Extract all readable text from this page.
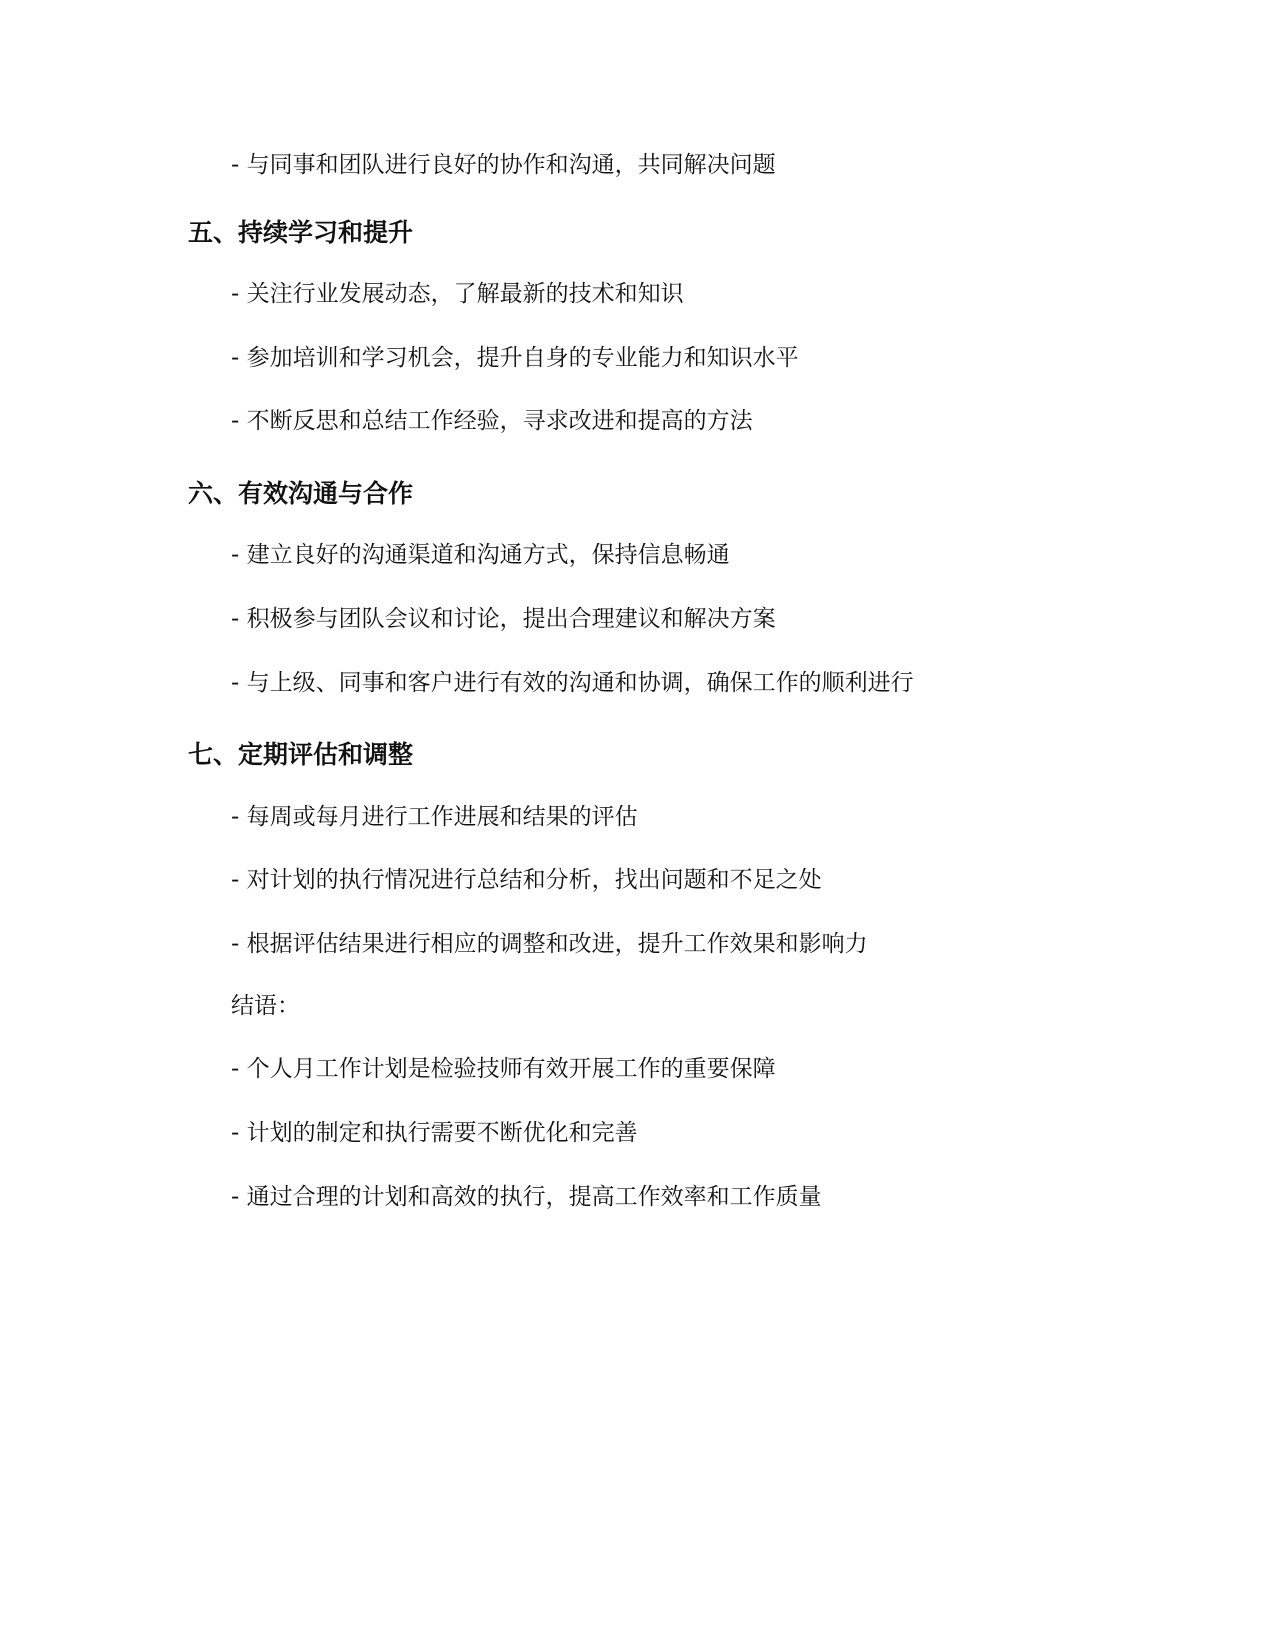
- 与同事和团队进行良好的协作和沟通，共同解决问题
五、持续学习和提升
- 关注行业发展动态，了解最新的技术和知识
- 参加培训和学习机会，提升自身的专业能力和知识水平
- 不断反思和总结工作经验，寻求改进和提高的方法
六、有效沟通与合作
- 建立良好的沟通渠道和沟通方式，保持信息畅通
- 积极参与团队会议和讨论，提出合理建议和解决方案
- 与上级、同事和客户进行有效的沟通和协调，确保工作的顺利进行
七、定期评估和调整
- 每周或每月进行工作进展和结果的评估
- 对计划的执行情况进行总结和分析，找出问题和不足之处
- 根据评估结果进行相应的调整和改进，提升工作效果和影响力
结语：
- 个人月工作计划是检验技师有效开展工作的重要保障
- 计划的制定和执行需要不断优化和完善
- 通过合理的计划和高效的执行，提高工作效率和工作质量
